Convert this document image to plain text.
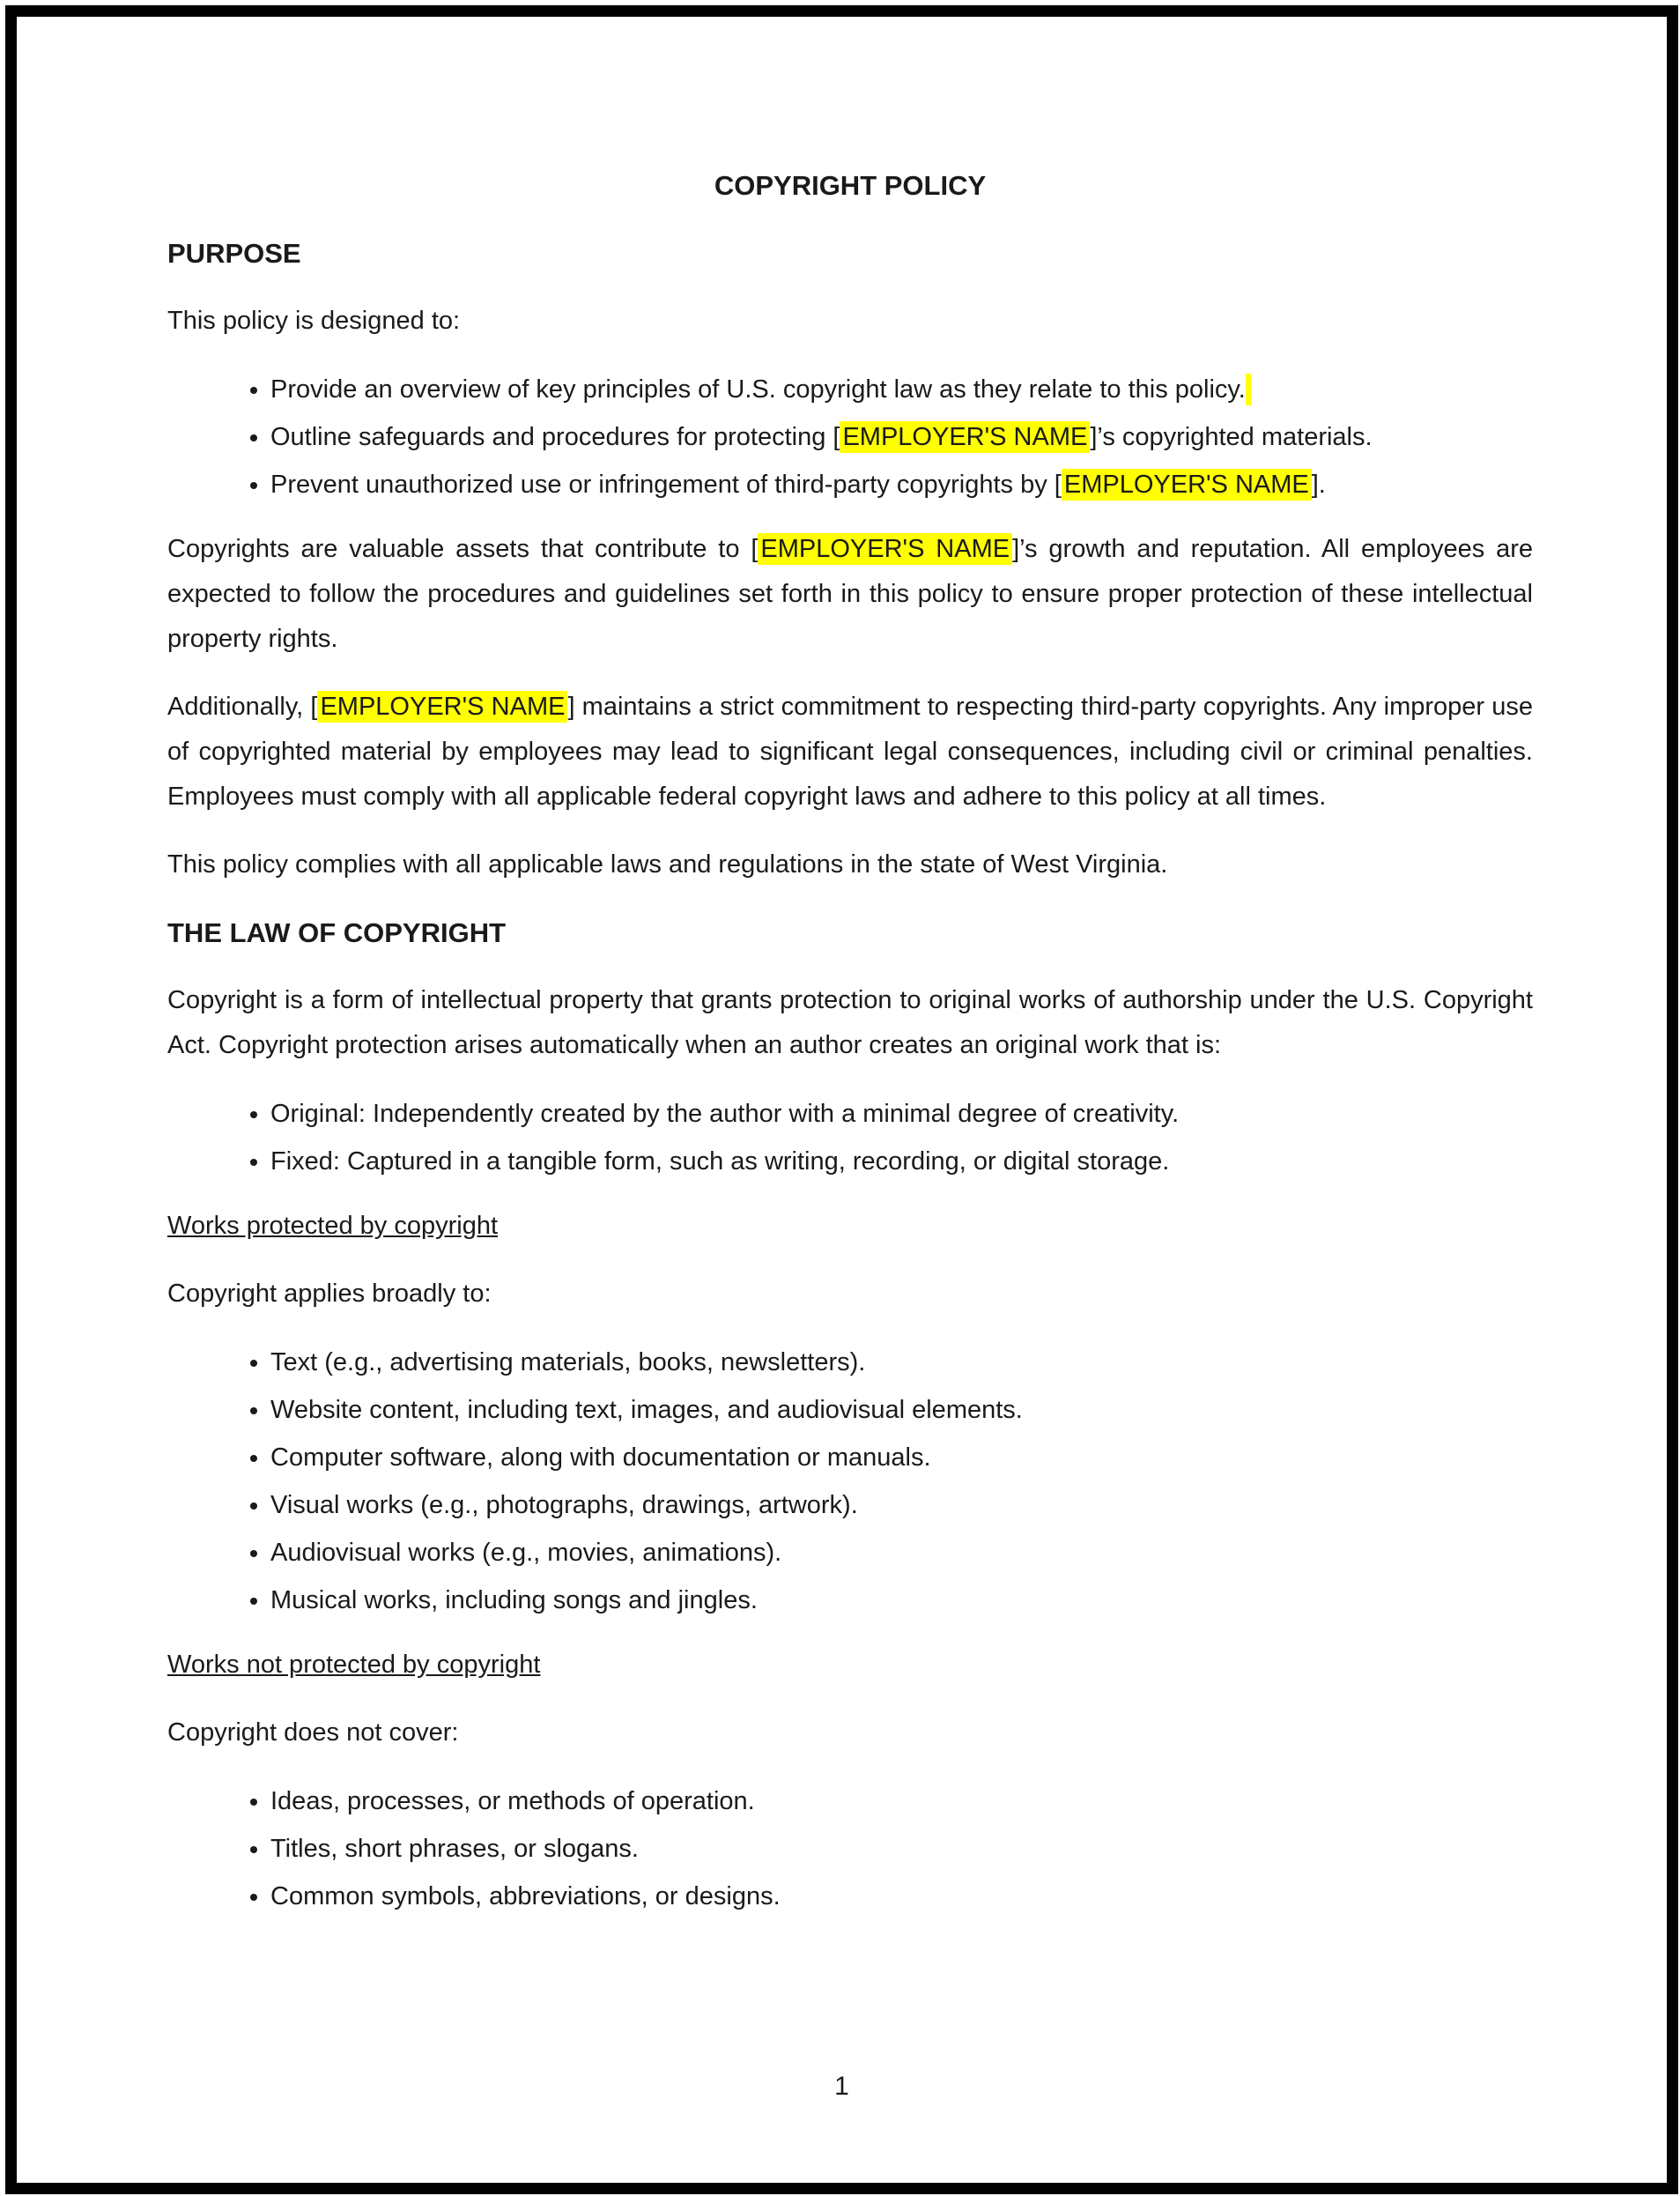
COPYRIGHT POLICY
PURPOSE

This policy is designed to:

• Provide an overview of key principles of U.S. copyright law as they relate to this policy.
• Outline safeguards and procedures for protecting [ EMPLOYER'S NAME ]’s copyrighted materials.
• Prevent unauthorized use or infringement of third-party copyrights by [ EMPLOYER'S NAME ].

Copyrights are valuable assets that contribute to [ EMPLOYER'S NAME ]’s growth and reputation. All employees are expected to follow the procedures and guidelines set forth in this policy to ensure proper protection of these intellectual property rights.

Additionally, [ EMPLOYER'S NAME ] maintains a strict commitment to respecting third-party copyrights. Any improper use of copyrighted material by employees may lead to significant legal consequences, including civil or criminal penalties. Employees must comply with all applicable federal copyright laws and adhere to this policy at all times.

This policy complies with all applicable laws and regulations in the state of West Virginia.

THE LAW OF COPYRIGHT

Copyright is a form of intellectual property that grants protection to original works of authorship under the U.S. Copyright Act. Copyright protection arises automatically when an author creates an original work that is:

• Original: Independently created by the author with a minimal degree of creativity.
• Fixed: Captured in a tangible form, such as writing, recording, or digital storage.
Works protected by copyright

Copyright applies broadly to:

• Text (e.g., advertising materials, books, newsletters).
• Website content, including text, images, and audiovisual elements.
• Computer software, along with documentation or manuals.
• Visual works (e.g., photographs, drawings, artwork).
• Audiovisual works (e.g., movies, animations).
• Musical works, including songs and jingles.
Works not protected by copyright

Copyright does not cover:

• Ideas, processes, or methods of operation.
• Titles, short phrases, or slogans.
• Common symbols, abbreviations, or designs.
1
